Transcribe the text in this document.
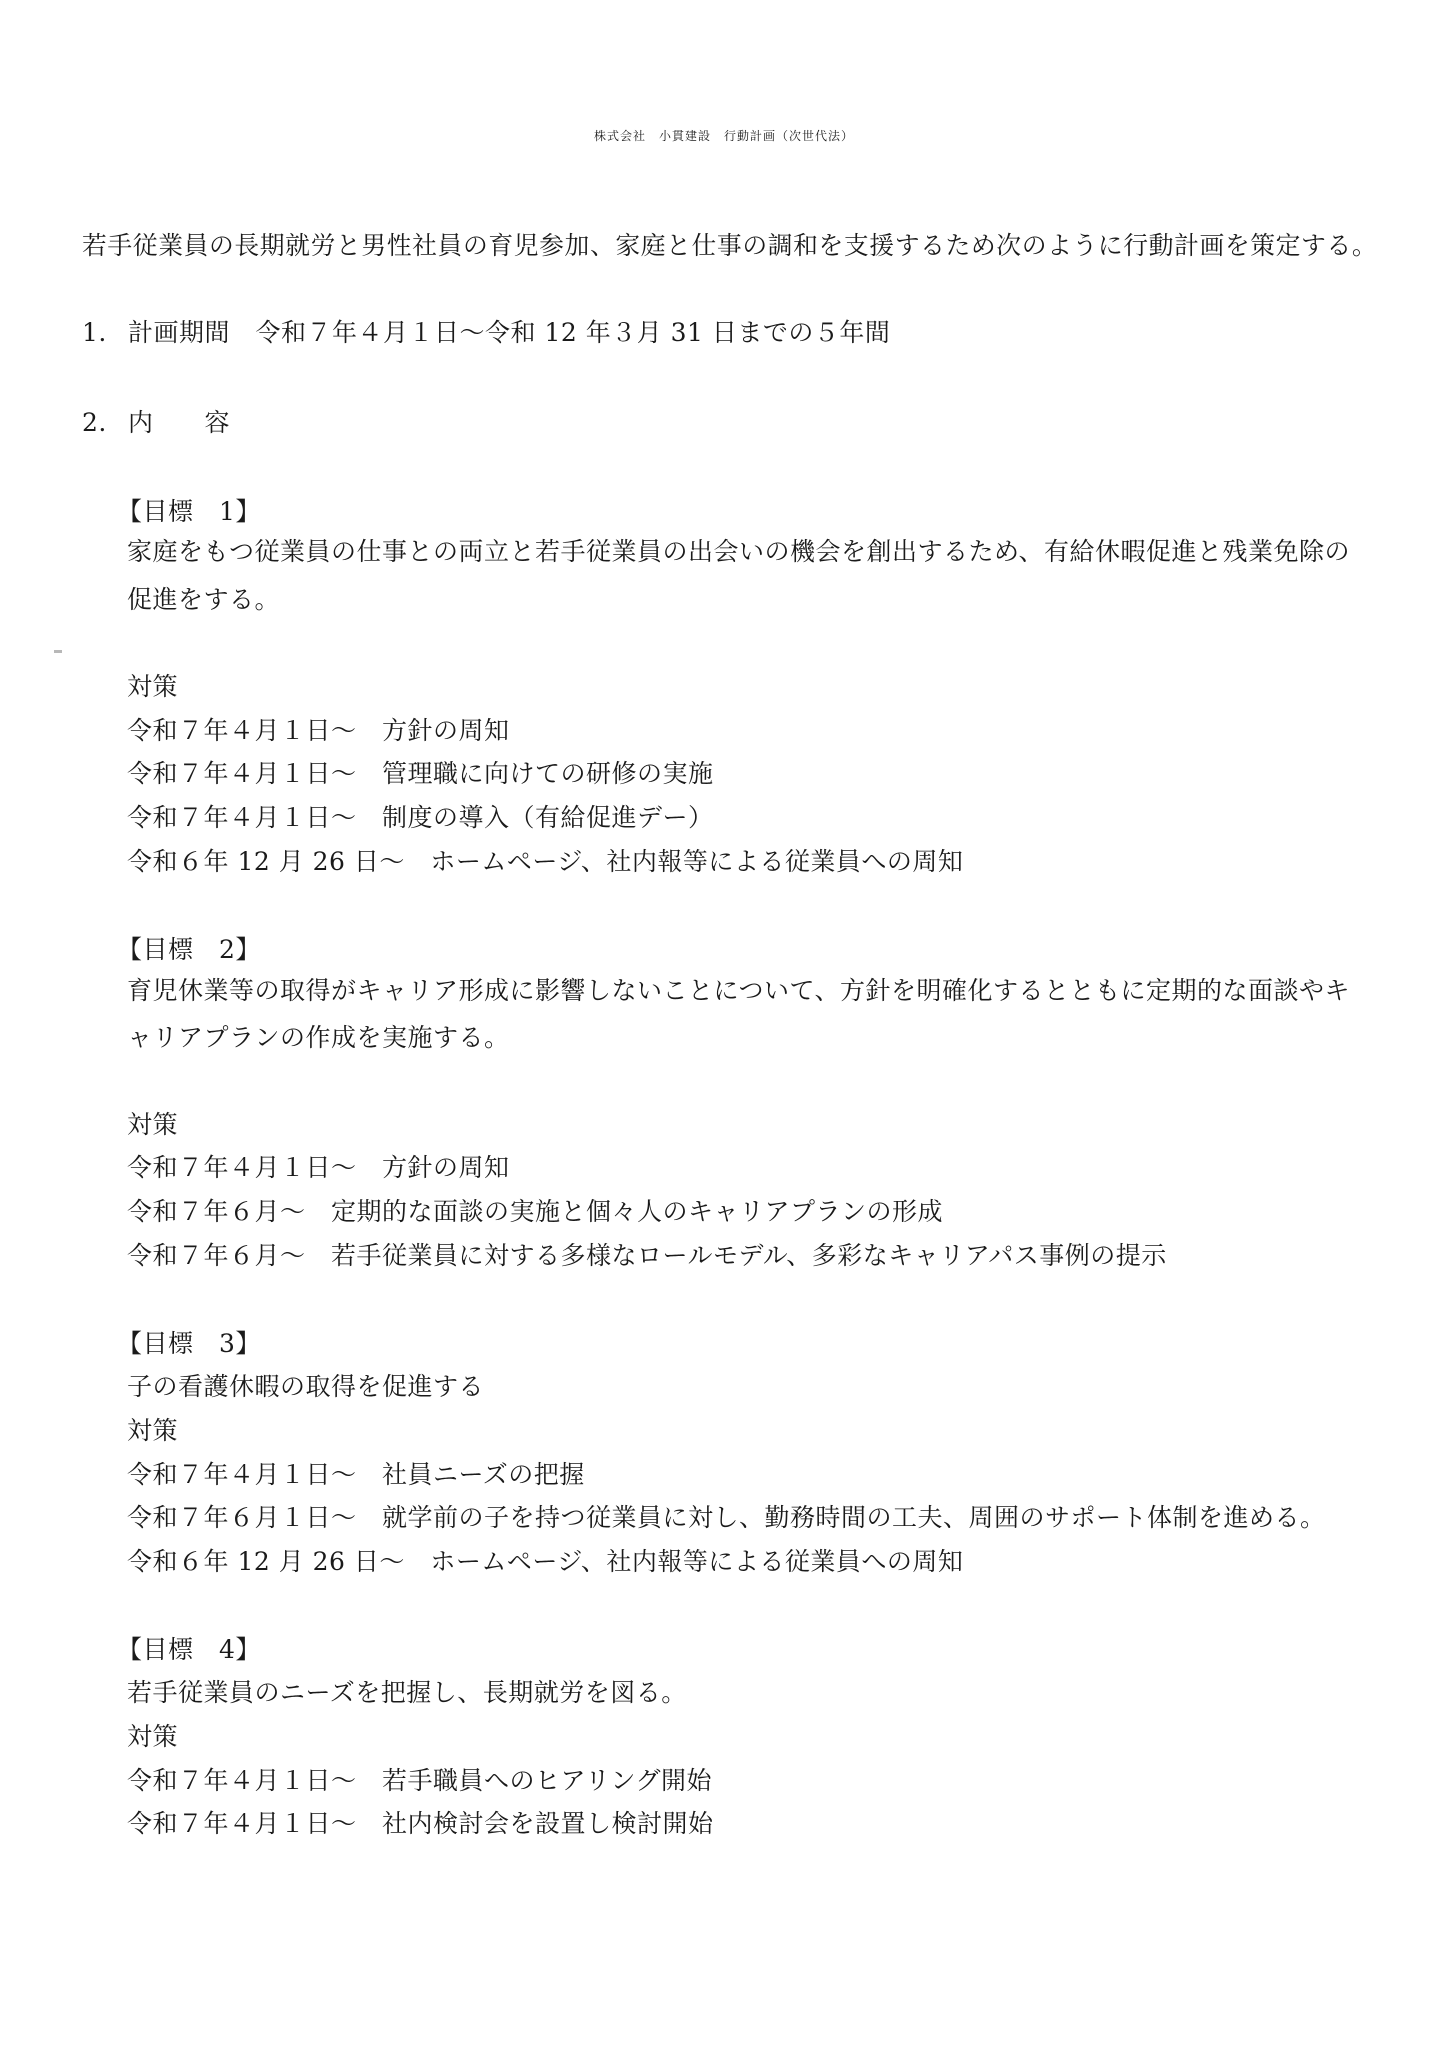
株式会社　小貫建設　行動計画（次世代法）
若手従業員の長期就労と男性社員の育児参加、家庭と仕事の調和を支援するため次のように行動計画を策定する。
1. 計画期間　令和７年４月１日～令和 12 年３月 31 日までの５年間
2. 内　　容
【目標　1】
家庭をもつ従業員の仕事との両立と若手従業員の出会いの機会を創出するため、有給休暇促進と残業免除の
促進をする。
対策
令和７年４月１日～　方針の周知
令和７年４月１日～　管理職に向けての研修の実施
令和７年４月１日～　制度の導入（有給促進デー）
令和６年 12 月 26 日～　ホームページ、社内報等による従業員への周知
【目標　2】
育児休業等の取得がキャリア形成に影響しないことについて、方針を明確化するとともに定期的な面談やキ
ャリアプランの作成を実施する。
対策
令和７年４月１日～　方針の周知
令和７年６月～　定期的な面談の実施と個々人のキャリアプランの形成
令和７年６月～　若手従業員に対する多様なロールモデル、多彩なキャリアパス事例の提示
【目標　3】
子の看護休暇の取得を促進する
対策
令和７年４月１日～　社員ニーズの把握
令和７年６月１日～　就学前の子を持つ従業員に対し、勤務時間の工夫、周囲のサポート体制を進める。
令和６年 12 月 26 日～　ホームページ、社内報等による従業員への周知
【目標　4】
若手従業員のニーズを把握し、長期就労を図る。
対策
令和７年４月１日～　若手職員へのヒアリング開始
令和７年４月１日～　社内検討会を設置し検討開始
